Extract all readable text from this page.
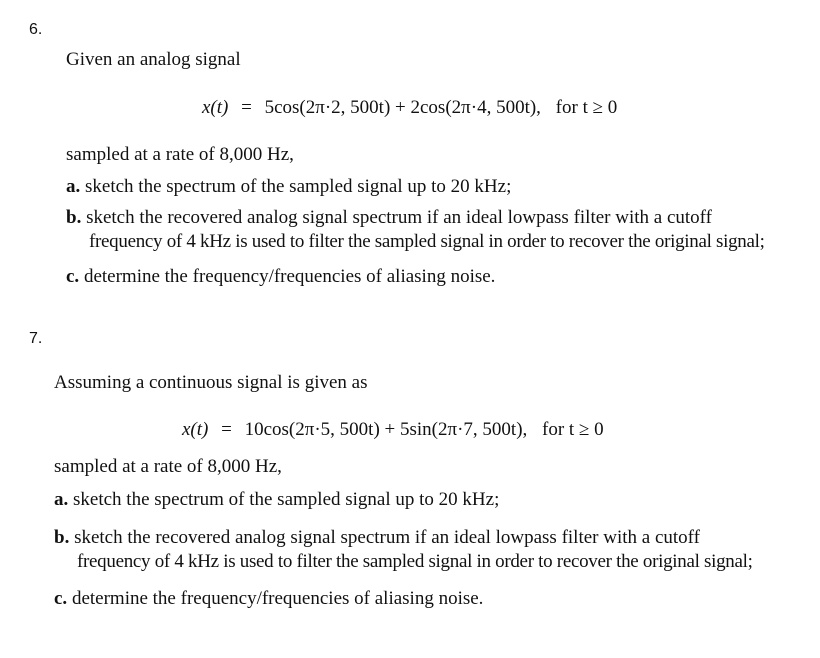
6.
Given an analog signal
x(t) = 5cos(2π·2, 500t) + 2cos(2π·4, 500t), for t ≥ 0
sampled at a rate of 8,000 Hz,
a. sketch the spectrum of the sampled signal up to 20 kHz;
b. sketch the recovered analog signal spectrum if an ideal lowpass filter with a cutoff
frequency of 4 kHz is used to filter the sampled signal in order to recover the original signal;
c. determine the frequency/frequencies of aliasing noise.
7.
Assuming a continuous signal is given as
x(t) = 10cos(2π·5, 500t) + 5sin(2π·7, 500t), for t ≥ 0
sampled at a rate of 8,000 Hz,
a. sketch the spectrum of the sampled signal up to 20 kHz;
b. sketch the recovered analog signal spectrum if an ideal lowpass filter with a cutoff
frequency of 4 kHz is used to filter the sampled signal in order to recover the original signal;
c. determine the frequency/frequencies of aliasing noise.
